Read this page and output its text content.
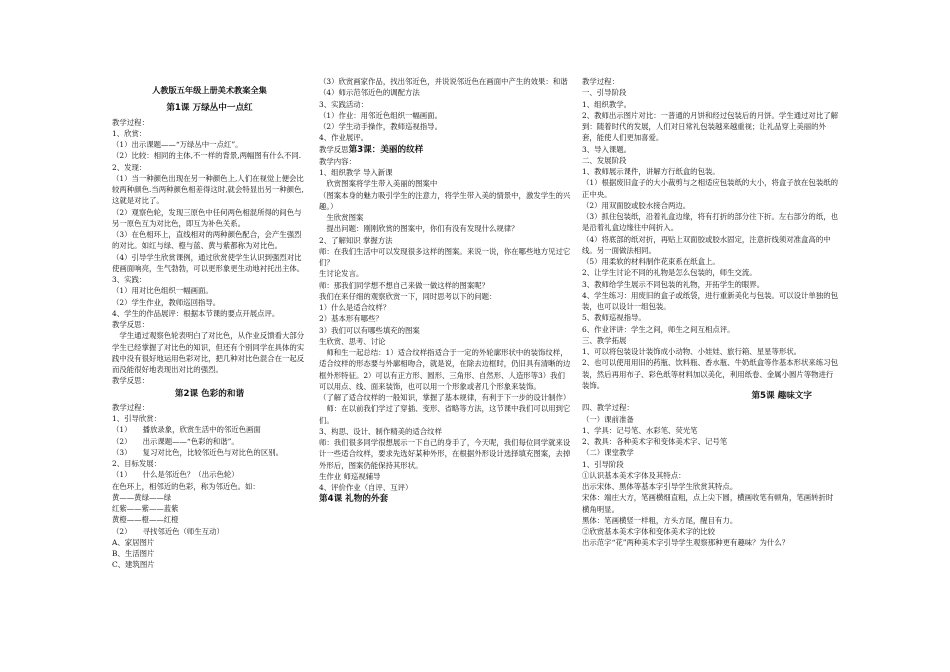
人教版五年级上册美术教案全集
第1课 万绿丛中一点红
教学过程：
1、欣赏：
（1）出示课题——“万绿丛中一点红”。
（2）比较：相同的主体,不一样的背景,两幅图有什么不同.
2、发现：
（1）当一种颜色出现在另一种颜色上,人们在视觉上便会比较两种颜色.当两种颜色相差得这时,就会特显出另一种颜色,这就是对比了。
（2）观察色轮，发现三原色中任何两色相混所得的间色与另一原色互为对比色，即互为补色关系。
（3）在色相环上，直线相对的两种颜色配合，会产生强烈的对比。如红与绿、橙与蓝、黄与紫都称为对比色。
（4）引导学生欣赏课例，通过欣赏使学生认识到强烈对比使画面响亮，生气勃勃，可以更形象更生动地衬托出主体。
3、实践：
（1）用对比色组织一幅画面。
（2）学生作业，教师巡回指导。
4、学生的作品展评：根据本节课的要点开展点评。
教学反思：
　学生通过观察色轮表明白了对比色，从作业反馈看大部分学生已经掌握了对比色的知识，但还有个别同学在具体的实践中没有很好地运用色彩对比，把几种对比色混合在一起反而没能很好地表现出对比的强烈。
教学反思：
第2课 色彩的和谐
教学过程：
1、引导欣赏：
（1）　　播放录象，欣赏生活中的邻近色画面
（2）　　出示课题——“色彩的和谐”。
（3）　　复习对比色，比较邻近色与对比色的区别。
2、目标发展：
（1）　　什么是邻近色？（出示色轮）
在色环上，相邻近的色彩，称为邻近色。如：
黄——黄绿——绿
红紫——紫——蓝紫
黄橙——橙——红橙
（2）　　寻找邻近色（师生互动）
A、家居图片
B、生活图片
C、建筑图片
（3）欣赏画家作品，找出邻近色，并说说邻近色在画面中产生的效果：和谐
（4）师示范邻近色的调配方法
3、实践活动：
（1）作业：用邻近色组织一幅画面。
（2）学生动手操作，教师巡视指导。
4、作业展评。
教学反思第3课：美丽的纹样
教学内容：
1、组织教学 导入新课
　欣赏图案将学生带入美丽的图案中
（图案本身的魅力吸引学生的注意力，将学生带入美的情景中，激发学生的兴趣。）
　生欣赏图案
　提出问题：刚刚欣赏的图案中，你们有没有发现什么规律？
2、了解知识 掌握方法
师：在我们生活中可以发现很多这样的图案。来说一说，你在哪些地方见过它们？
生讨论发言。
师：那我们同学想不想自己来做一做这样的图案呢？
我们在来仔细的观察欣赏一下，同时思考以下的问题：
1）什么是适合纹样？
2）基本形有哪些？
3）我们可以有哪些填充的图案
生欣赏、思考、讨论
　师和生一起总结：1）适合纹样指适合于一定的外轮廓形状中的装饰纹样，适合纹样的形态要与外廓相吻合，就是说，在除去边框时，仍旧具有清晰的边框外形特征。2）可以有正方形、圆形、三角形、自然形、人造形等3）我们可以用点、线、面来装饰，也可以用一个形象或者几个形象来装饰。
（了解了适合纹样的一般知识，掌握了基本规律，有利于下一步的设计制作）
　师：在以前我们学过了穿插、变形、省略等方法，这节课中我们可以用到它们。
3、构思、设计、制作精美的适合纹样
师：我们很多同学很想展示一下自己的身手了，今天呢，我们每位同学就来设计一些适合纹样，要求先选好某种外形，在根据外形设计选择填充图案，去掉外形后，图案仍能保持其形状。
生作业 师巡视辅导
4、评价作业（自评、互评）
第4课 礼物的外套
教学过程：
一、引导阶段
1、组织教学。
2、教师出示图片对比：一普通的月饼和经过包装后的月饼。学生通过对比了解到：随着时代的发展，人们对日常礼包装越来越重视；让礼品穿上美丽的外套，能使人们更加喜爱。
3、导入课题。
二、发展阶段
1、教师展示课件，讲解方行纸盒的包装。
（1）根据废旧盒子的大小裁剪与之相适应包装纸的大小，将盒子放在包装纸的正中央。
（2）用双面胶或胶水接合两边。
（3）抓住包装纸，沿着礼盒边缘，将有打折的部分往下折。左右部分的纸，也是沿着礼盒边缘往中间折入。
（4）将底部的纸对折，再贴上双面胶或胶水固定，注意折线须对准盒高的中线。另一面做法相同。
（5）用柔软的材料制作花束系在纸盒上。
2、让学生讨论不同的礼物是怎么包装的，师生交流。
3、教师给学生展示不同包装的礼物，开拓学生的眼界。
4、学生练习：用废旧的盒子或纸袋，进行重新美化与包装。可以设计单独的包装，也可以设计一组包装。
5、教师巡视指导。
6、作业评讲：学生之间，师生之间互相点评。
三、教学拓展
1、可以将包装设计装饰成小动物、小娃娃、旅行箱、星星等形状。
2、也可以使用用旧的药瓶、饮料瓶、香水瓶、牛奶纸盒等作基本形状来练习包装，然后再用布子、彩色纸等材料加以美化，利用纸卷、金属小圆片等物进行装饰。
第5课 趣味文字
四、教学过程：
（一）课前准备
1、学具：记号笔、水彩笔、荧光笔
2、教具：各种美术字和变体美术字、记号笔
（二）课堂教学
1、引导阶段
①认识基本美术字体及其特点：
出示宋体、黑体等基本字引导学生欣赏其特点。
宋体：端庄大方，笔画横细直粗，点上尖下圆，横画收笔有顿角，笔画转折时横角明显。
黑体：笔画横竖一样粗，方头方尾，醒目有力。
②欣赏基本美术字体和变体美术字的比较
出示范字“花”两种美术字引导学生观察那种更有趣味？为什么？
